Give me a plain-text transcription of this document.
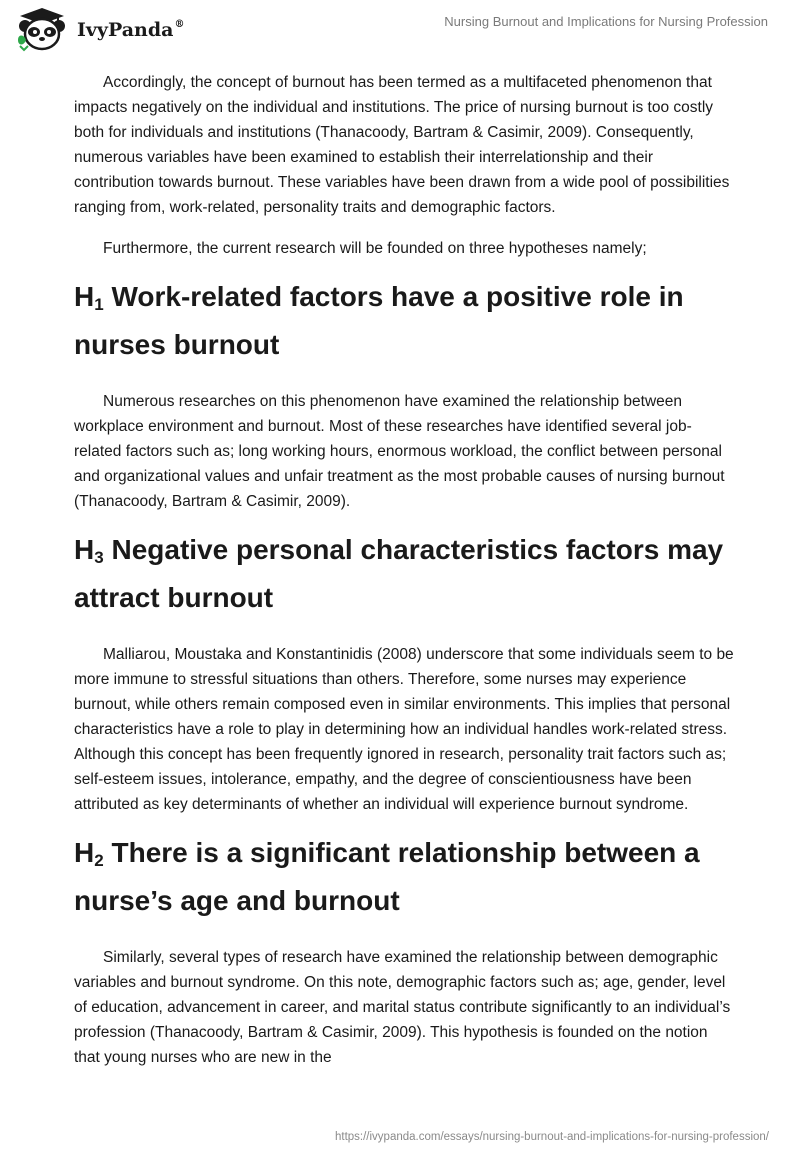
IvyPanda®	Nursing Burnout and Implications for Nursing Profession

Accordingly, the concept of burnout has been termed as a multifaceted phenomenon that impacts negatively on the individual and institutions. The price of nursing burnout is too costly both for individuals and institutions (Thanacoody, Bartram & Casimir, 2009). Consequently, numerous variables have been examined to establish their interrelationship and their contribution towards burnout. These variables have been drawn from a wide pool of possibilities ranging from, work-related, personality traits and demographic factors.

Furthermore, the current research will be founded on three hypotheses namely;

$H_1$ Work-related factors have a positive role in nurses burnout

Numerous researches on this phenomenon have examined the relationship between workplace environment and burnout. Most of these researches have identified several job-related factors such as; long working hours, enormous workload, the conflict between personal and organizational values and unfair treatment as the most probable causes of nursing burnout (Thanacoody, Bartram & Casimir, 2009).

$H_3$ Negative personal characteristics factors may attract burnout

Malliarou, Moustaka and Konstantinidis (2008) underscore that some individuals seem to be more immune to stressful situations than others. Therefore, some nurses may experience burnout, while others remain composed even in similar environments. This implies that personal characteristics have a role to play in determining how an individual handles work-related stress. Although this concept has been frequently ignored in research, personality trait factors such as; self-esteem issues, intolerance, empathy, and the degree of conscientiousness have been attributed as key determinants of whether an individual will experience burnout syndrome.

$H_2$ There is a significant relationship between a nurse’s age and burnout

Similarly, several types of research have examined the relationship between demographic variables and burnout syndrome. On this note, demographic factors such as; age, gender, level of education, advancement in career, and marital status contribute significantly to an individual’s profession (Thanacoody, Bartram & Casimir, 2009). This hypothesis is founded on the notion that young nurses who are new in the

https://ivypanda.com/essays/nursing-burnout-and-implications-for-nursing-profession/
